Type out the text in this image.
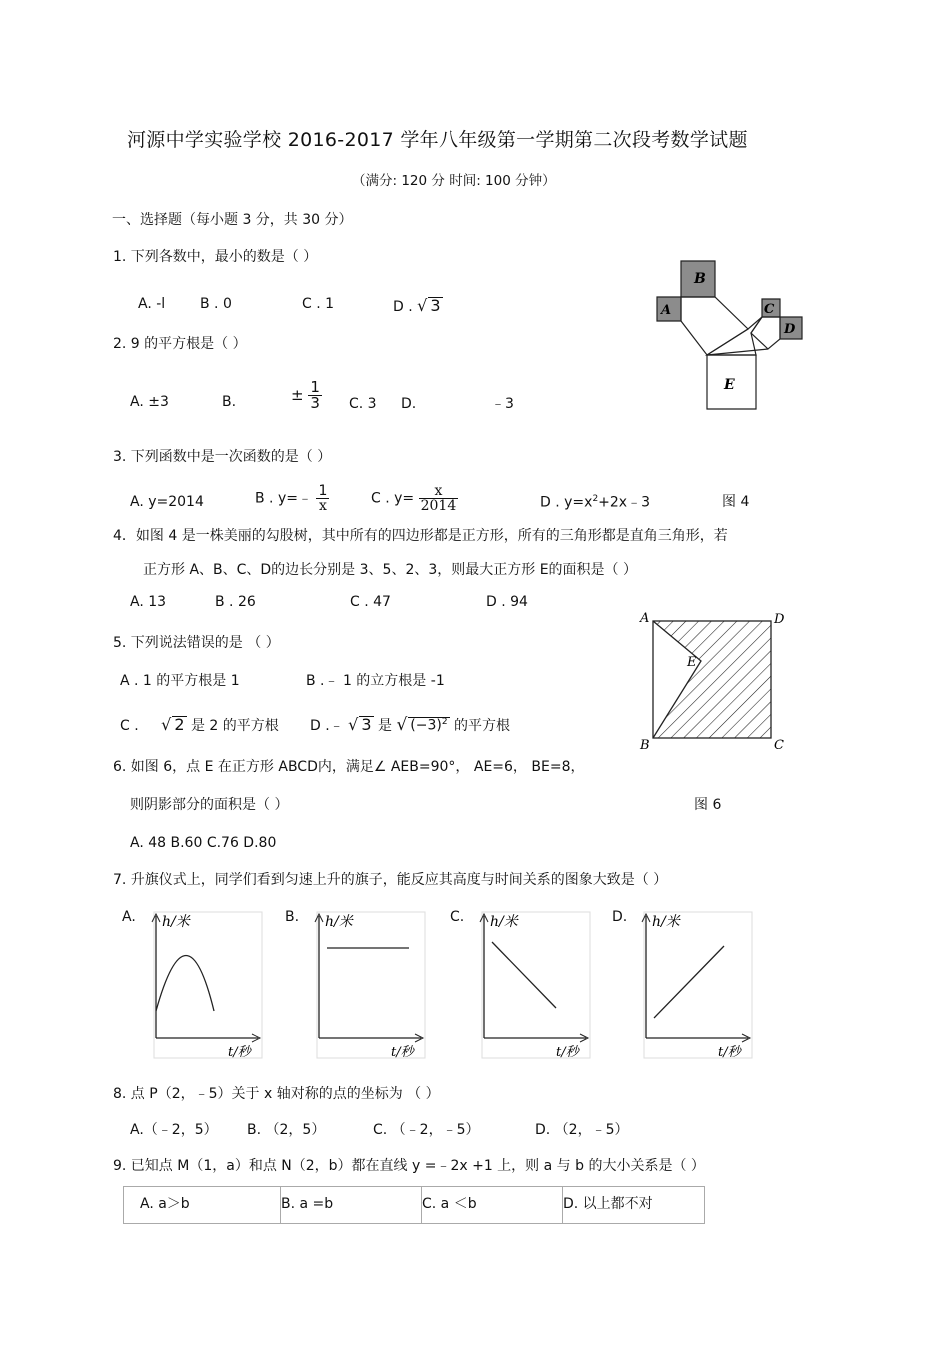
河源中学实验学校 2016-2017 学年八年级第一学期第二次段考数学试题
（满分: 120 分 时间: 100 分钟）
一、选择题（每小题 3 分，共 30 分）
1. 下列各数中，最小的数是（ ）
A. -l B . 0	C . 1	D . √ 3
2. 9 的平方根是（ ）
A. ±3	B.	± $\frac{1}{3} C$. 3 D.	﹣3
3. 下列函数中是一次函数的是（ ）
A. y=2014	B . y=﹣ $\frac{1}{x}$	C . $y= \frac{x}{2014}$	D . $y=x^2+2x﹣3$	图 4
B
A	C
D
E
4．如图 4 是一株美丽的勾股树，其中所有的四边形都是正方形，所有的三角形都是直角三角形，若
正方形 A、B、C、D的边长分别是 3、5、2、3，则最大正方形 E的面积是（ ）
A. 13	B . 26	C . 47	D . 94
A	D
E
B	C
5. 下列说法错误的是 （ ）
A . 1 的平方根是 1	B .﹣ 1 的立方根是 -1
C . √ 2 是 2 的平方根 D .﹣ √ 3 是 √ $(-3)^2$ 的平方根
6. 如图 6，点 E 在正方形 ABCD内，满足∠ AEB=90°， AE=6， BE=8，
则阴影部分的面积是（ ）	图 6
A. 48 B.60 C.76 D.80
7. 升旗仪式上，同学们看到匀速上升的旗子，能反应其高度与时间关系的图象大致是（ ）
A. h/米
t/秒
B. h/米
t/秒
C. h/米
t/秒
D. h/米
t/秒
8. 点 P（2，﹣5）关于 x 轴对称的点的坐标为 （ ）
A.（﹣2，5） B. （2，5）	C. （﹣2，﹣5）	D. （2，﹣5）
9. 已知点 M（1，a）和点 N（2，b）都在直线 y =﹣2x +1 上，则 a 与 b 的大小关系是（ ）
A. a＞b	B. a =b	C. a ＜b	D. 以上都不对
